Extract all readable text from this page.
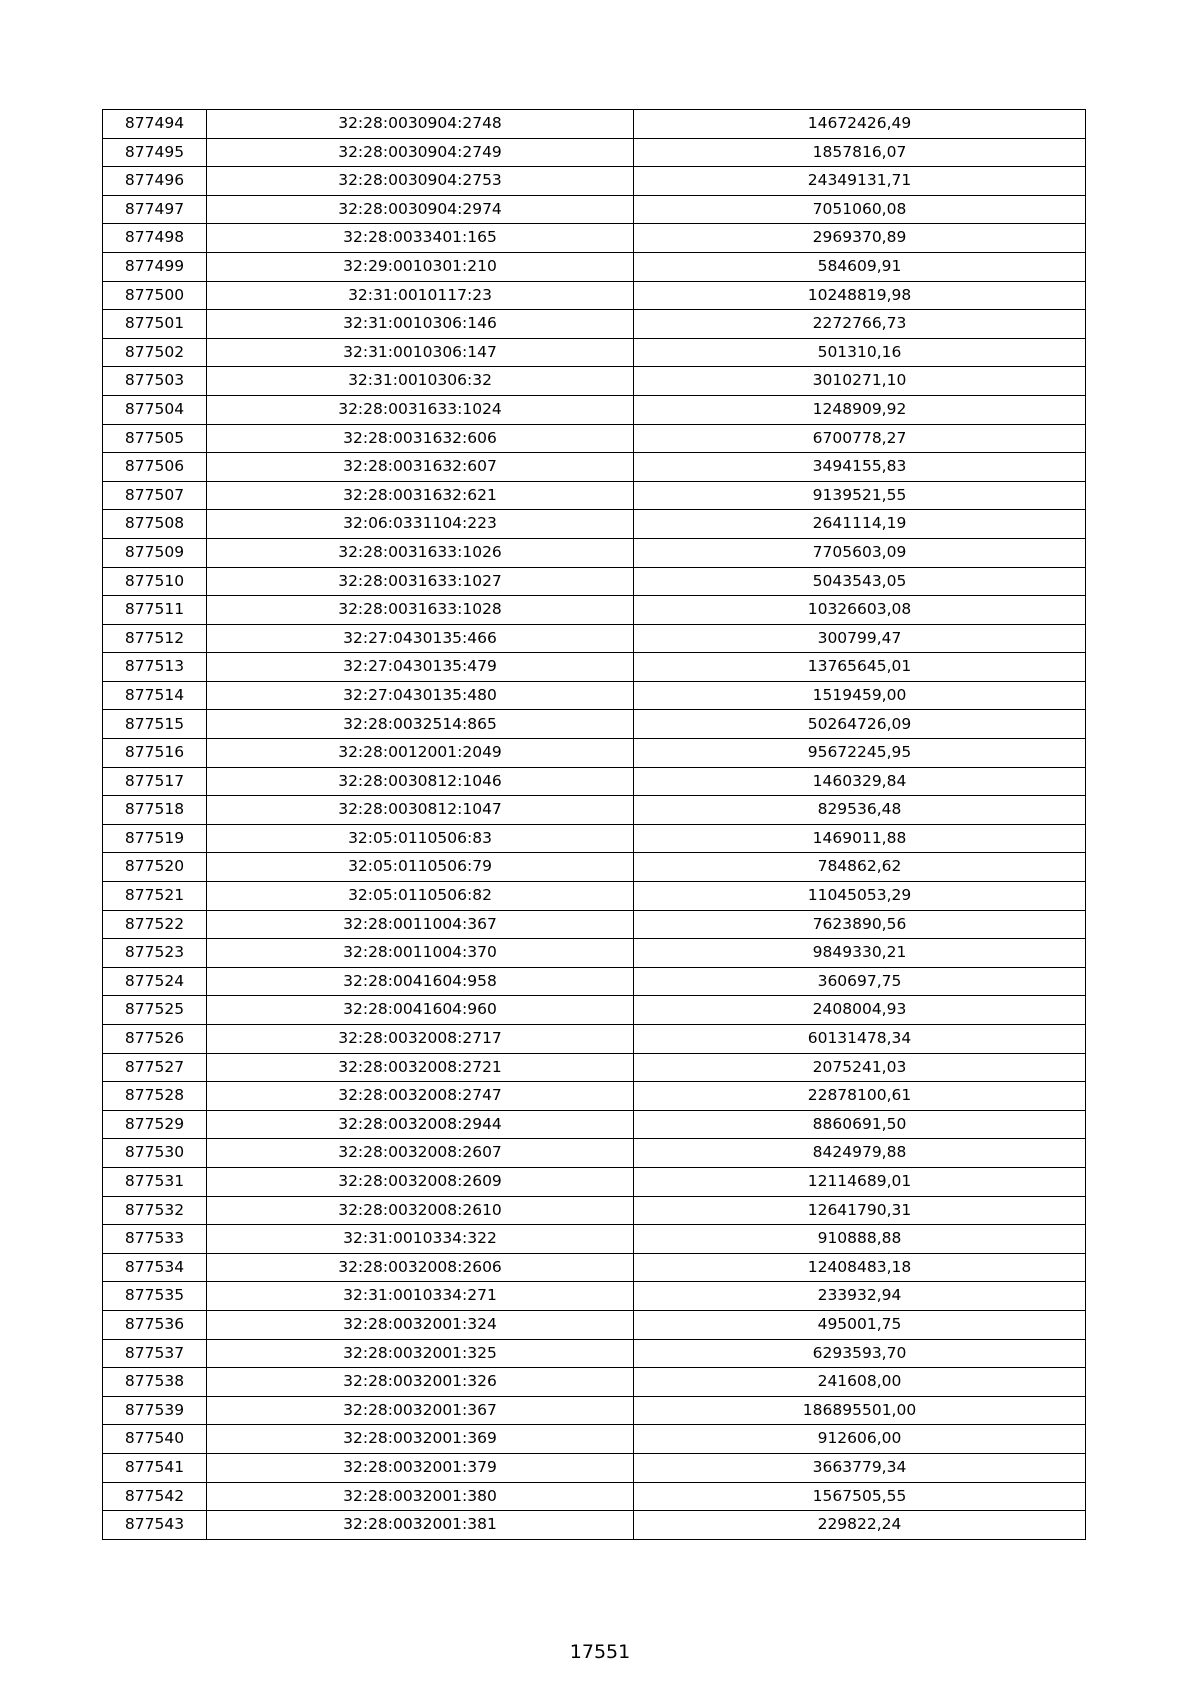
877494	32:28:0030904:2748	14672426,49
877495	32:28:0030904:2749	1857816,07
877496	32:28:0030904:2753	24349131,71
877497	32:28:0030904:2974	7051060,08
877498	32:28:0033401:165	2969370,89
877499	32:29:0010301:210	584609,91
877500	32:31:0010117:23	10248819,98
877501	32:31:0010306:146	2272766,73
877502	32:31:0010306:147	501310,16
877503	32:31:0010306:32	3010271,10
877504	32:28:0031633:1024	1248909,92
877505	32:28:0031632:606	6700778,27
877506	32:28:0031632:607	3494155,83
877507	32:28:0031632:621	9139521,55
877508	32:06:0331104:223	2641114,19
877509	32:28:0031633:1026	7705603,09
877510	32:28:0031633:1027	5043543,05
877511	32:28:0031633:1028	10326603,08
877512	32:27:0430135:466	300799,47
877513	32:27:0430135:479	13765645,01
877514	32:27:0430135:480	1519459,00
877515	32:28:0032514:865	50264726,09
877516	32:28:0012001:2049	95672245,95
877517	32:28:0030812:1046	1460329,84
877518	32:28:0030812:1047	829536,48
877519	32:05:0110506:83	1469011,88
877520	32:05:0110506:79	784862,62
877521	32:05:0110506:82	11045053,29
877522	32:28:0011004:367	7623890,56
877523	32:28:0011004:370	9849330,21
877524	32:28:0041604:958	360697,75
877525	32:28:0041604:960	2408004,93
877526	32:28:0032008:2717	60131478,34
877527	32:28:0032008:2721	2075241,03
877528	32:28:0032008:2747	22878100,61
877529	32:28:0032008:2944	8860691,50
877530	32:28:0032008:2607	8424979,88
877531	32:28:0032008:2609	12114689,01
877532	32:28:0032008:2610	12641790,31
877533	32:31:0010334:322	910888,88
877534	32:28:0032008:2606	12408483,18
877535	32:31:0010334:271	233932,94
877536	32:28:0032001:324	495001,75
877537	32:28:0032001:325	6293593,70
877538	32:28:0032001:326	241608,00
877539	32:28:0032001:367	186895501,00
877540	32:28:0032001:369	912606,00
877541	32:28:0032001:379	3663779,34
877542	32:28:0032001:380	1567505,55
877543	32:28:0032001:381	229822,24
17551
